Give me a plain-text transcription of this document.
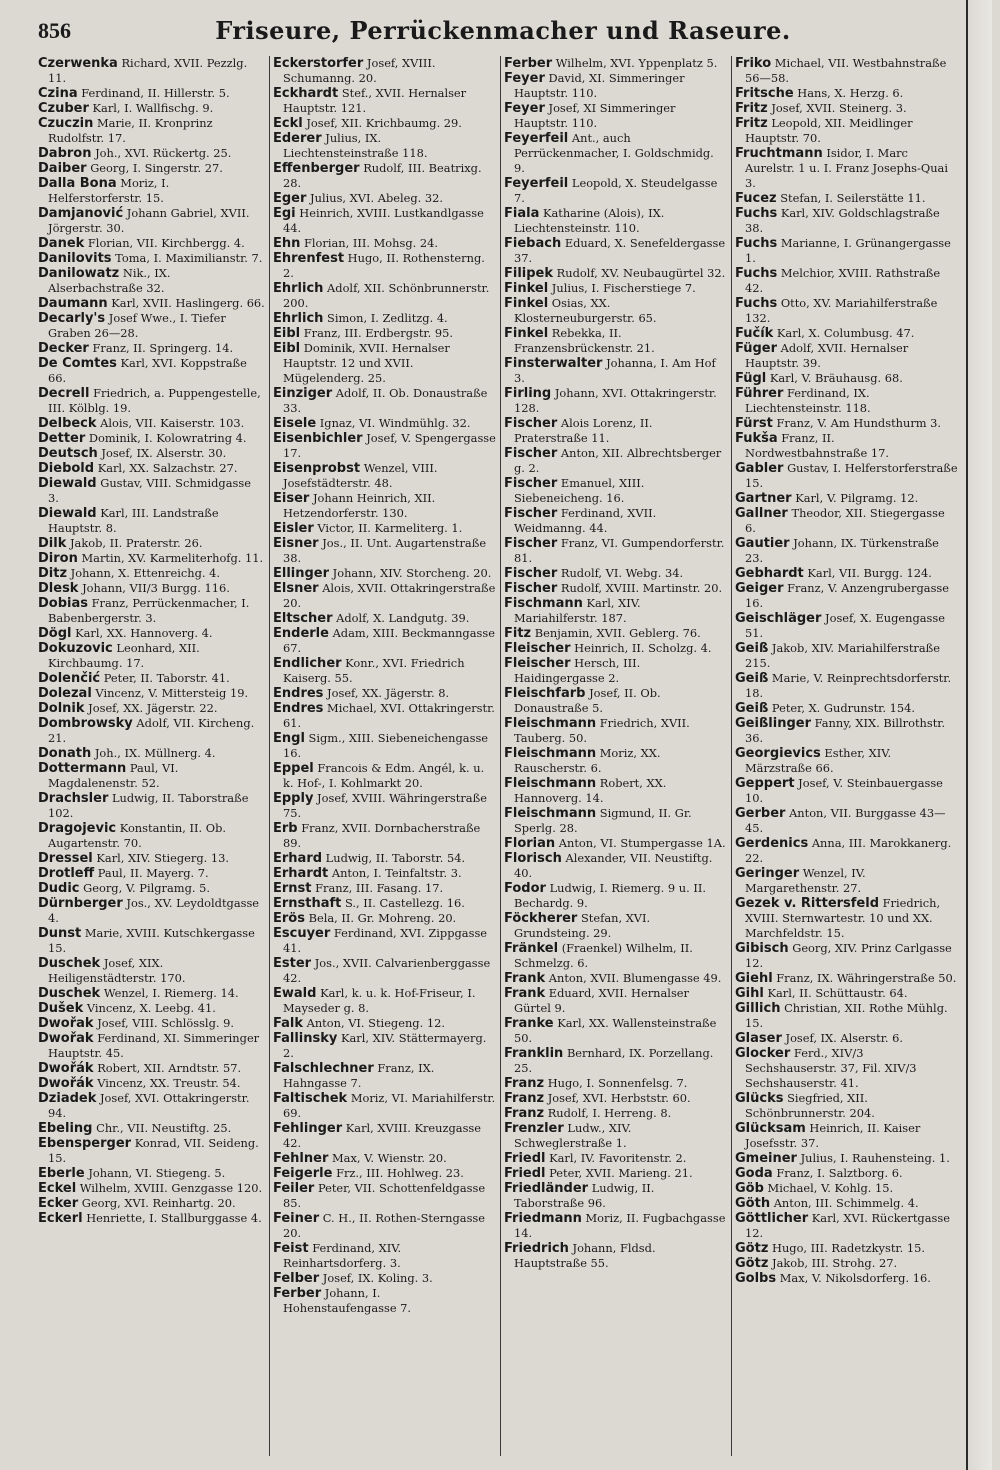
856	Friseure, Perrückenmacher und Raseure.
Czerwenka Richard, XVII. Pezzlg. 11.
Czina Ferdinand, II. Hillerstr. 5.
Czuber Karl, I. Wallfischg. 9.
Czuczin Marie, II. Kronprinz Rudolfstr. 17.
Dabron Joh., XVI. Rückertg. 25.
Daiber Georg, I. Singerstr. 27.
Dalla Bona Moriz, I. Helferstorferstr. 15.
Damjanović Johann Gabriel, XVII. Jörgerstr. 30.
Danek Florian, VII. Kirchbergg. 4.
Danilovits Toma, I. Maximilianstr. 7.
Danilowatz Nik., IX. Alserbachstraße 32.
Daumann Karl, XVII. Haslingerg. 66.
Decarly's Josef Wwe., I. Tiefer Graben 26—28.
Decker Franz, II. Springerg. 14.
De Comtes Karl, XVI. Koppstraße 66.
Decrell Friedrich, a. Puppengestelle, III. Kölblg. 19.
Delbeck Alois, VII. Kaiserstr. 103.
Detter Dominik, I. Kolowratring 4.
Deutsch Josef, IX. Alserstr. 30.
Diebold Karl, XX. Salzachstr. 27.
Diewald Gustav, VIII. Schmidgasse 3.
Diewald Karl, III. Landstraße Hauptstr. 8.
Dilk Jakob, II. Praterstr. 26.
Diron Martin, XV. Karmeliterhofg. 11.
Ditz Johann, X. Ettenreichg. 4.
Dlesk Johann, VII/3 Burgg. 116.
Dobias Franz, Perrückenmacher, I. Babenbergerstr. 3.
Dögl Karl, XX. Hannoverg. 4.
Dokuzovic Leonhard, XII. Kirchbaumg. 17.
Dolenčić Peter, II. Taborstr. 41.
Dolezal Vincenz, V. Mittersteig 19.
Dolnik Josef, XX. Jägerstr. 22.
Dombrowsky Adolf, VII. Kircheng. 21.
Donath Joh., IX. Müllnerg. 4.
Dottermann Paul, VI. Magdalenenstr. 52.
Drachsler Ludwig, II. Taborstraße 102.
Dragojevic Konstantin, II. Ob. Augartenstr. 70.
Dressel Karl, XIV. Stiegerg. 13.
Drotleff Paul, II. Mayerg. 7.
Dudic Georg, V. Pilgramg. 5.
Dürnberger Jos., XV. Leydoldtgasse 4.
Dunst Marie, XVIII. Kutschkergasse 15.
Duschek Josef, XIX. Heiligenstädterstr. 170.
Duschek Wenzel, I. Riemerg. 14.
Dušek Vincenz, X. Leebg. 41.
Dwořak Josef, VIII. Schlösslg. 9.
Dwořak Ferdinand, XI. Simmeringer Hauptstr. 45.
Dwořák Robert, XII. Arndtstr. 57.
Dwořák Vincenz, XX. Treustr. 54.
Dziadek Josef, XVI. Ottakringerstr. 94.
Ebeling Chr., VII. Neustiftg. 25.
Ebensperger Konrad, VII. Seideng. 15.
Eberle Johann, VI. Stiegeng. 5.
Eckel Wilhelm, XVIII. Genzgasse 120.
Ecker Georg, XVI. Reinhartg. 20.
Eckerl Henriette, I. Stallburggasse 4.
Eckerstorfer Josef, XVIII. Schumanng. 20.
Eckhardt Stef., XVII. Hernalser Hauptstr. 121.
Eckl Josef, XII. Krichbaumg. 29.
Ederer Julius, IX. Liechtensteinstraße 118.
Effenberger Rudolf, III. Beatrixg. 28.
Eger Julius, XVI. Abeleg. 32.
Egi Heinrich, XVIII. Lustkandlgasse 44.
Ehn Florian, III. Mohsg. 24.
Ehrenfest Hugo, II. Rothensterng. 2.
Ehrlich Adolf, XII. Schönbrunnerstr. 200.
Ehrlich Simon, I. Zedlitzg. 4.
Eibl Franz, III. Erdbergstr. 95.
Eibl Dominik, XVII. Hernalser Hauptstr. 12 und XVII. Mügelenderg. 25.
Einziger Adolf, II. Ob. Donaustraße 33.
Eisele Ignaz, VI. Windmühlg. 32.
Eisenbichler Josef, V. Spengergasse 17.
Eisenprobst Wenzel, VIII. Josefstädterstr. 48.
Eiser Johann Heinrich, XII. Hetzendorferstr. 130.
Eisler Victor, II. Karmeliterg. 1.
Eisner Jos., II. Unt. Augartenstraße 38.
Ellinger Johann, XIV. Storcheng. 20.
Elsner Alois, XVII. Ottakringerstraße 20.
Eltscher Adolf, X. Landgutg. 39.
Enderle Adam, XIII. Beckmanngasse 67.
Endlicher Konr., XVI. Friedrich Kaiserg. 55.
Endres Josef, XX. Jägerstr. 8.
Endres Michael, XVI. Ottakringerstr. 61.
Engl Sigm., XIII. Siebeneichengasse 16.
Eppel Francois & Edm. Angél, k. u. k. Hof-, I. Kohlmarkt 20.
Epply Josef, XVIII. Währingerstraße 75.
Erb Franz, XVII. Dornbacherstraße 89.
Erhard Ludwig, II. Taborstr. 54.
Erhardt Anton, I. Teinfaltstr. 3.
Ernst Franz, III. Fasang. 17.
Ernsthaft S., II. Castellezg. 16.
Erös Bela, II. Gr. Mohreng. 20.
Escuyer Ferdinand, XVI. Zippgasse 41.
Ester Jos., XVII. Calvarienberggasse 42.
Ewald Karl, k. u. k. Hof-Friseur, I. Mayseder g. 8.
Falk Anton, VI. Stiegeng. 12.
Fallinsky Karl, XIV. Stättermayerg. 2.
Falschlechner Franz, IX. Hahngasse 7.
Faltischek Moriz, VI. Mariahilferstr. 69.
Fehlinger Karl, XVIII. Kreuzgasse 42.
Fehlner Max, V. Wienstr. 20.
Feigerle Frz., III. Hohlweg. 23.
Feiler Peter, VII. Schottenfeldgasse 85.
Feiner C. H., II. Rothen-Sterngasse 20.
Feist Ferdinand, XIV. Reinhartsdorferg. 3.
Felber Josef, IX. Koling. 3.
Ferber Johann, I. Hohenstaufengasse 7.
Ferber Wilhelm, XVI. Yppenplatz 5.
Feyer David, XI. Simmeringer Hauptstr. 110.
Feyer Josef, XI Simmeringer Hauptstr. 110.
Feyerfeil Ant., auch Perrückenmacher, I. Goldschmidg. 9.
Feyerfeil Leopold, X. Steudelgasse 7.
Fiala Katharine (Alois), IX. Liechtensteinstr. 110.
Fiebach Eduard, X. Senefeldergasse 37.
Filipek Rudolf, XV. Neubaugürtel 32.
Finkel Julius, I. Fischerstiege 7.
Finkel Osias, XX. Klosterneuburgerstr. 65.
Finkel Rebekka, II. Franzensbrückenstr. 21.
Finsterwalter Johanna, I. Am Hof 3.
Firling Johann, XVI. Ottakringerstr. 128.
Fischer Alois Lorenz, II. Praterstraße 11.
Fischer Anton, XII. Albrechtsberger g. 2.
Fischer Emanuel, XIII. Siebeneicheng. 16.
Fischer Ferdinand, XVII. Weidmanng. 44.
Fischer Franz, VI. Gumpendorferstr. 81.
Fischer Rudolf, VI. Webg. 34.
Fischer Rudolf, XVIII. Martinstr. 20.
Fischmann Karl, XIV. Mariahilferstr. 187.
Fitz Benjamin, XVII. Geblerg. 76.
Fleischer Heinrich, II. Scholzg. 4.
Fleischer Hersch, III. Haidingergasse 2.
Fleischfarb Josef, II. Ob. Donaustraße 5.
Fleischmann Friedrich, XVII. Tauberg. 50.
Fleischmann Moriz, XX. Rauscherstr. 6.
Fleischmann Robert, XX. Hannoverg. 14.
Fleischmann Sigmund, II. Gr. Sperlg. 28.
Florian Anton, VI. Stumpergasse 1A.
Florisch Alexander, VII. Neustiftg. 40.
Fodor Ludwig, I. Riemerg. 9 u. II. Bechardg. 9.
Föckherer Stefan, XVI. Grundsteing. 29.
Fränkel (Fraenkel) Wilhelm, II. Schmelzg. 6.
Frank Anton, XVII. Blumengasse 49.
Frank Eduard, XVII. Hernalser Gürtel 9.
Franke Karl, XX. Wallensteinstraße 50.
Franklin Bernhard, IX. Porzellang. 25.
Franz Hugo, I. Sonnenfelsg. 7.
Franz Josef, XVI. Herbststr. 60.
Franz Rudolf, I. Herreng. 8.
Frenzler Ludw., XIV. Schweglerstraße 1.
Friedl Karl, IV. Favoritenstr. 2.
Friedl Peter, XVII. Marieng. 21.
Friedländer Ludwig, II. Taborstraße 96.
Friedmann Moriz, II. Fugbachgasse 14.
Friedrich Johann, Fldsd. Hauptstraße 55.
Friko Michael, VII. Westbahnstraße 56—58.
Fritsche Hans, X. Herzg. 6.
Fritz Josef, XVII. Steinerg. 3.
Fritz Leopold, XII. Meidlinger Hauptstr. 70.
Fruchtmann Isidor, I. Marc Aurelstr. 1 u. I. Franz Josephs-Quai 3.
Fucez Stefan, I. Seilerstätte 11.
Fuchs Karl, XIV. Goldschlagstraße 38.
Fuchs Marianne, I. Grünangergasse 1.
Fuchs Melchior, XVIII. Rathstraße 42.
Fuchs Otto, XV. Mariahilferstraße 132.
Fučík Karl, X. Columbusg. 47.
Füger Adolf, XVII. Hernalser Hauptstr. 39.
Fügl Karl, V. Bräuhausg. 68.
Führer Ferdinand, IX. Liechtensteinstr. 118.
Fürst Franz, V. Am Hundsthurm 3.
Fukša Franz, II. Nordwestbahnstraße 17.
Gabler Gustav, I. Helferstorferstraße 15.
Gartner Karl, V. Pilgramg. 12.
Gallner Theodor, XII. Stiegergasse 6.
Gautier Johann, IX. Türkenstraße 23.
Gebhardt Karl, VII. Burgg. 124.
Geiger Franz, V. Anzengrubergasse 16.
Geischläger Josef, X. Eugengasse 51.
Geiß Jakob, XIV. Mariahilferstraße 215.
Geiß Marie, V. Reinprechtsdorferstr. 18.
Geiß Peter, X. Gudrunstr. 154.
Geißlinger Fanny, XIX. Billrothstr. 36.
Georgievics Esther, XIV. Märzstraße 66.
Geppert Josef, V. Steinbauergasse 10.
Gerber Anton, VII. Burggasse 43—45.
Gerdenics Anna, III. Marokkanerg. 22.
Geringer Wenzel, IV. Margarethenstr. 27.
Gezek v. Rittersfeld Friedrich, XVIII. Sternwartestr. 10 und XX. Marchfeldstr. 15.
Gibisch Georg, XIV. Prinz Carlgasse 12.
Giehl Franz, IX. Währingerstraße 50.
Gihl Karl, II. Schüttaustr. 64.
Gillich Christian, XII. Rothe Mühlg. 15.
Glaser Josef, IX. Alserstr. 6.
Glocker Ferd., XIV/3 Sechshauserstr. 37, Fil. XIV/3 Sechshauserstr. 41.
Glücks Siegfried, XII. Schönbrunnerstr. 204.
Glücksam Heinrich, II. Kaiser Josefsstr. 37.
Gmeiner Julius, I. Rauhensteing. 1.
Goda Franz, I. Salztborg. 6.
Göb Michael, V. Kohlg. 15.
Göth Anton, III. Schimmelg. 4.
Göttlicher Karl, XVI. Rückertgasse 12.
Götz Hugo, III. Radetzkystr. 15.
Götz Jakob, III. Strohg. 27.
Golbs Max, V. Nikolsdorferg. 16.
